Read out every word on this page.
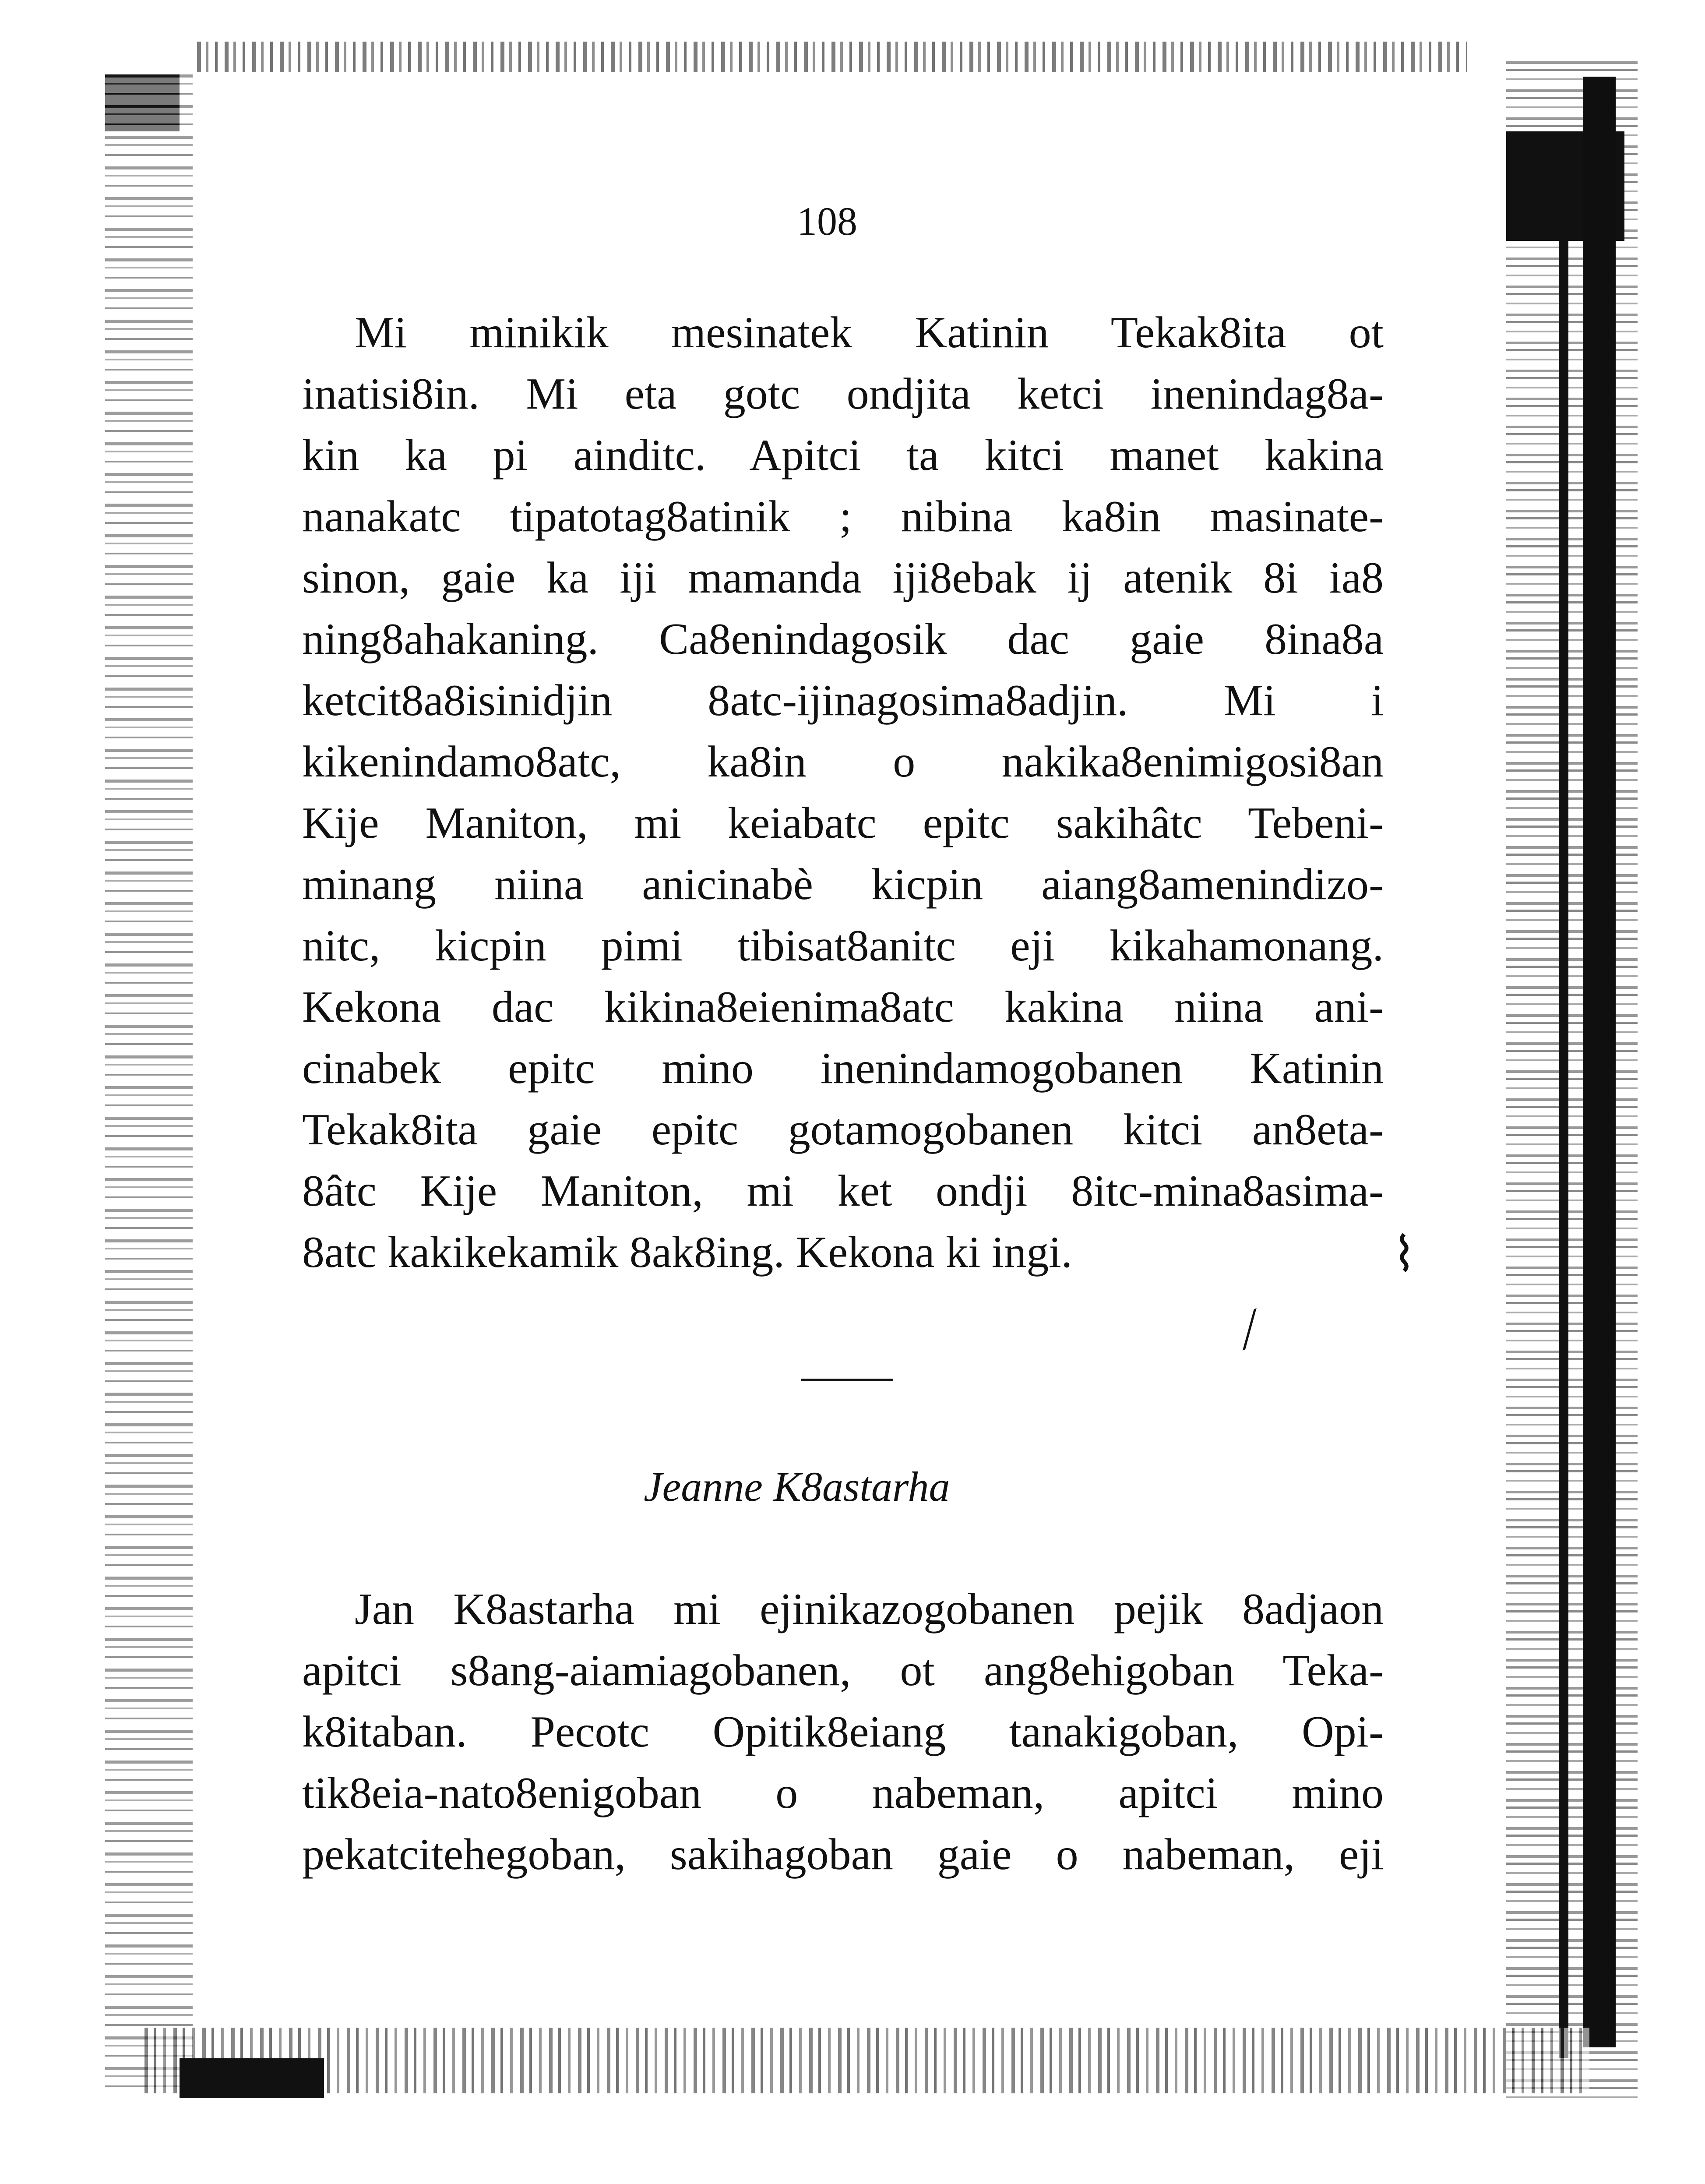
108
Mi minikik mesinatek Katinin Tekak8ita ot
inatisi8in. Mi eta gotc ondjita ketci inenindag8a-
kin ka pi ainditc. Apitci ta kitci manet kakina
nanakatc tipatotag8atinik ; nibina ka8in masinate-
sinon, gaie ka iji mamanda iji8ebak ij atenik 8i ia8
ning8ahakaning. Ca8enindagosik dac gaie 8ina8a
ketcit8a8isinidjin 8atc-ijinagosima8adjin. Mi i
kikenindamo8atc, ka8in o nakika8enimigosi8an
Kije Maniton, mi keiabatc epitc sakihâtc Tebeni-
minang niina anicinabè kicpin aiang8amenindizo-
nitc, kicpin pimi tibisat8anitc eji kikahamonang.
Kekona dac kikina8eienima8atc kakina niina ani-
cinabek epitc mino inenindamogobanen Katinin
Tekak8ita gaie epitc gotamogobanen kitci an8eta-
8âtc Kije Maniton, mi ket ondji 8itc-mina8asima-
8atc kakikekamik 8ak8ing. Kekona ki ingi.	⌇
⟋
Jeanne K8astarha
Jan K8astarha mi ejinikazogobanen pejik 8adjaon
apitci s8ang-aiamiagobanen, ot ang8ehigoban Teka-
k8itaban. Pecotc Opitik8eiang tanakigoban, Opi-
tik8eia-nato8enigoban o nabeman, apitci mino
pekatcitehegoban, sakihagoban gaie o nabeman, eji
